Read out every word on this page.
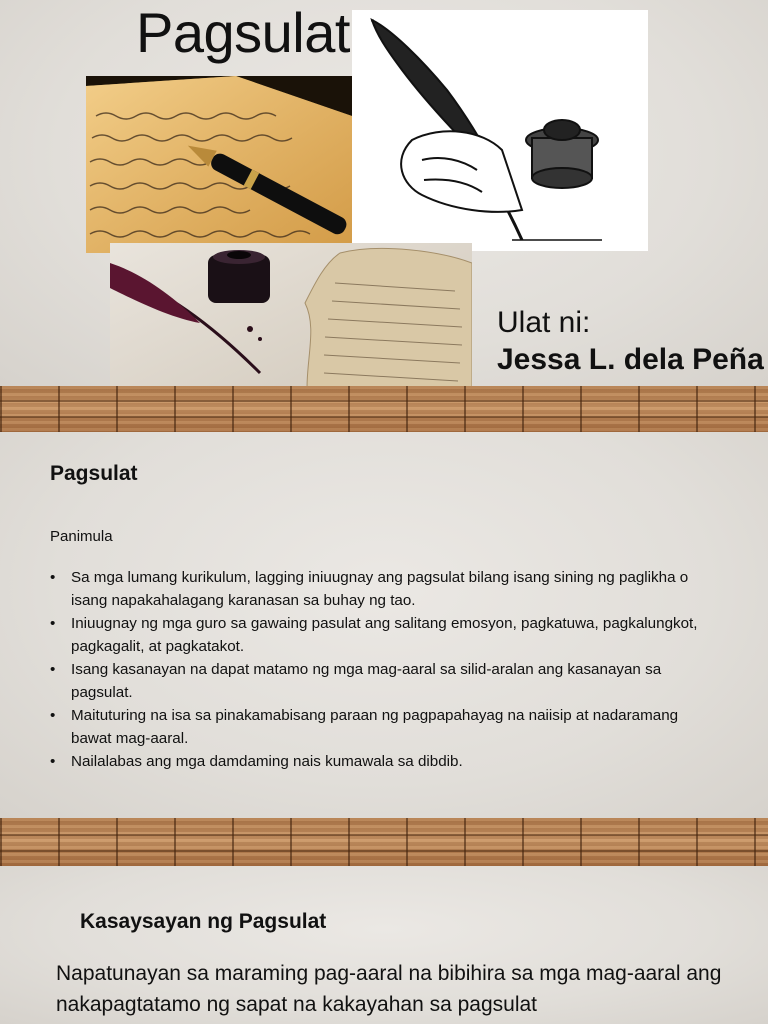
Pagsulat
Ulat ni:
Jessa L. dela Peña
Pagsulat
Panimula
• Sa mga lumang kurikulum, lagging iniuugnay ang pagsulat bilang isang sining ng paglikha o isang napakahalagang karanasan sa buhay ng tao.
• Iniuugnay ng mga guro sa gawaing pasulat ang salitang emosyon, pagkatuwa, pagkalungkot, pagkagalit, at pagkatakot.
• Isang kasanayan na dapat matamo ng mga mag-aaral sa silid-aralan ang kasanayan sa pagsulat.
• Maituturing na isa sa pinakamabisang paraan ng pagpapahayag na naiisip at nadaramang bawat mag-aaral.
• Nailalabas ang mga damdaming nais kumawala sa dibdib.
Kasaysayan ng Pagsulat
Napatunayan sa maraming pag-aaral na bibihira sa mga mag-aaral ang nakapagtatamo ng sapat na kakayahan sa pagsulat
